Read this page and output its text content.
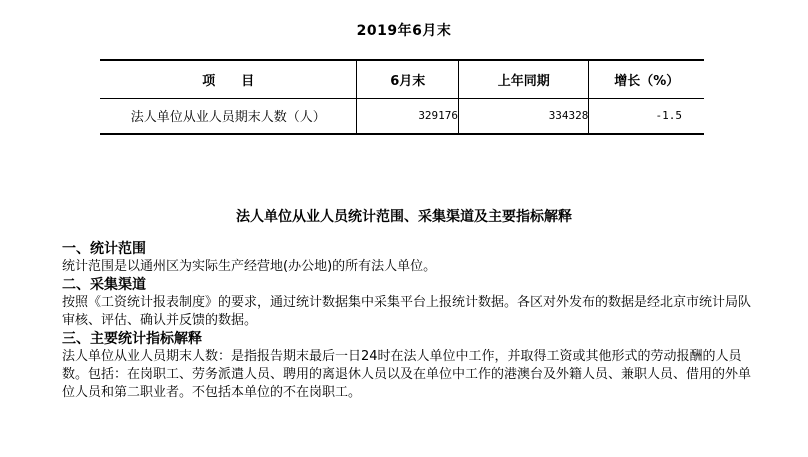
2019年6月末
项　　目	6月末	上年同期	增长（%）
法人单位从业人员期末人数（人）	329176	334328	-1.5
法人单位从业人员统计范围、采集渠道及主要指标解释

一、统计范围

统计范围是以通州区为实际生产经营地(办公地)的所有法人单位。

二、采集渠道

按照《工资统计报表制度》的要求，通过统计数据集中采集平台上报统计数据。各区对外发布的数据是经北京市统计局队审核、评估、确认并反馈的数据。

三、主要统计指标解释

法人单位从业人员期末人数：是指报告期末最后一日24时在法人单位中工作，并取得工资或其他形式的劳动报酬的人员数。包括：在岗职工、劳务派遣人员、聘用的离退休人员以及在单位中工作的港澳台及外籍人员、兼职人员、借用的外单位人员和第二职业者。不包括本单位的不在岗职工。
